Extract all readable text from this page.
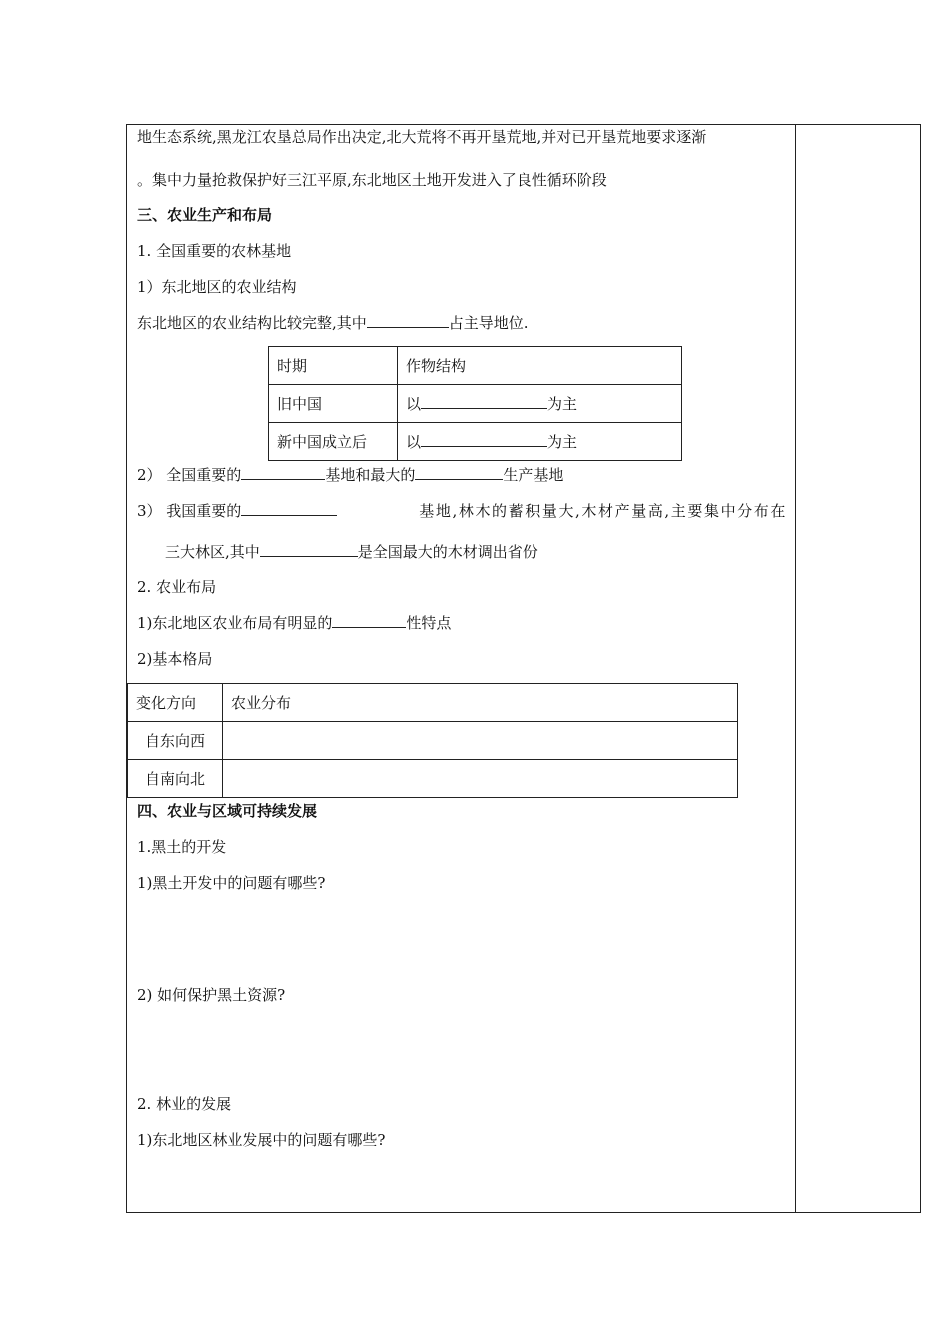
地生态系统,黑龙江农垦总局作出决定,北大荒将不再开垦荒地,并对已开垦荒地要求逐渐
。集中力量抢救保护好三江平原,东北地区土地开发进入了良性循环阶段
三、农业生产和布局
1. 全国重要的农林基地
1）东北地区的农业结构
东北地区的农业结构比较完整,其中	占主导地位.
时期	作物结构
旧中国	以 为主
新中国成立后	以 为主
2） 全国重要的	基地和最大的	生产基地
3） 我国重要的	基地,林木的蓄积量大,木材产量高,主要集中分布在
三大林区,其中	是全国最大的木材调出省份
2. 农业布局
1)东北地区农业布局有明显的	性特点
2)基本格局
变化方向	农业分布
自东向西	
自南向北	
四、农业与区域可持续发展
1.黑土的开发
1)黑土开发中的问题有哪些?
2) 如何保护黑土资源?
2. 林业的发展
1)东北地区林业发展中的问题有哪些?
